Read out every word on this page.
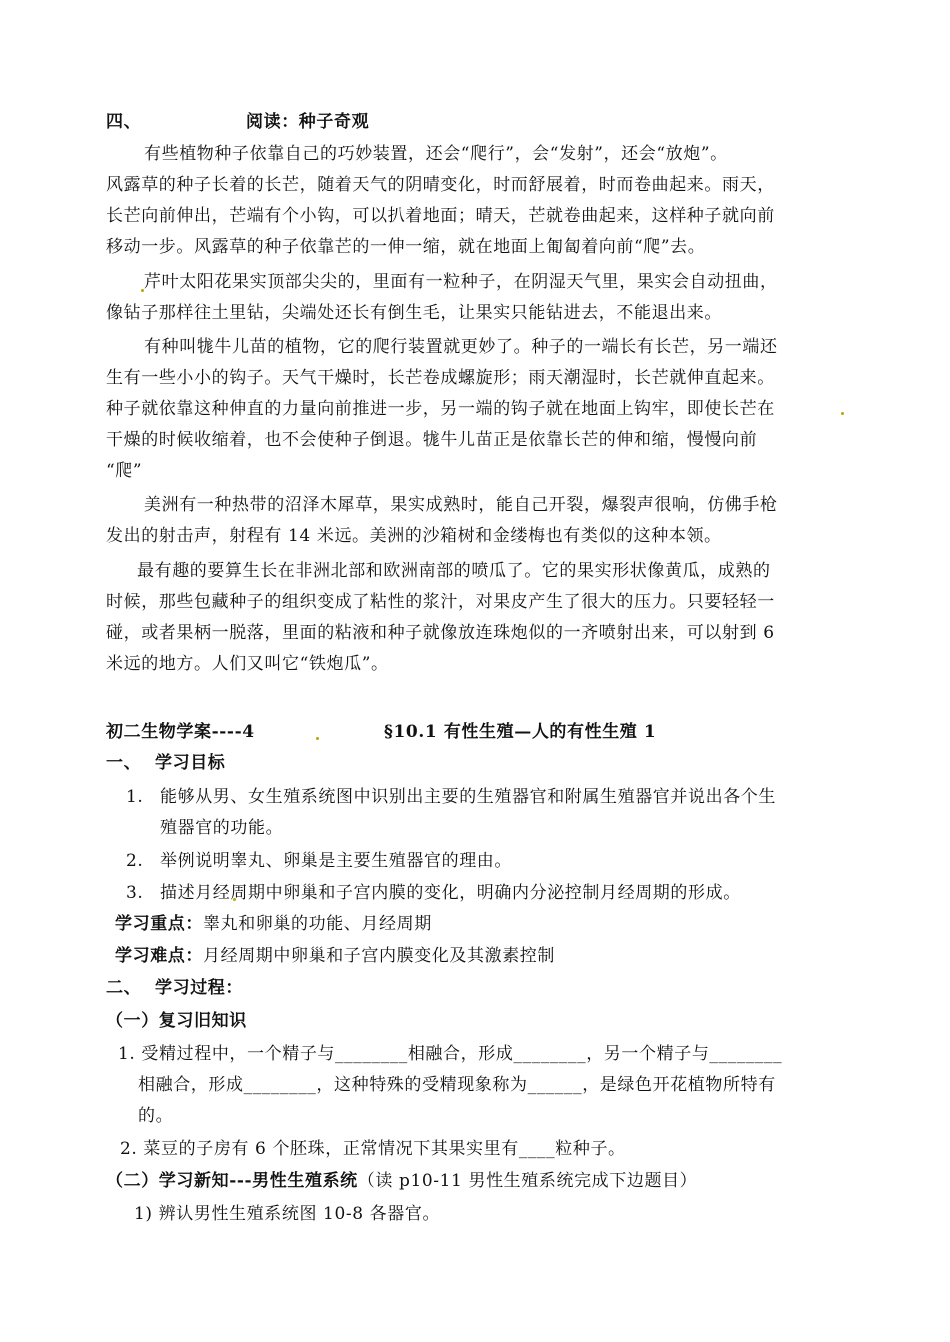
四、	阅读：种子奇观
有些植物种子依靠自己的巧妙装置，还会“爬行”，会“发射”，还会“放炮”。
风露草的种子长着的长芒，随着天气的阴晴变化，时而舒展着，时而卷曲起来。雨天，
长芒向前伸出，芒端有个小钩，可以扒着地面；晴天，芒就卷曲起来，这样种子就向前
移动一步。风露草的种子依靠芒的一伸一缩，就在地面上匍匐着向前“爬”去。
芹叶太阳花果实顶部尖尖的，里面有一粒种子，在阴湿天气里，果实会自动扭曲，
像钻子那样往土里钻，尖端处还长有倒生毛，让果实只能钻进去，不能退出来。
有种叫牻牛儿苗的植物，它的爬行装置就更妙了。种子的一端长有长芒，另一端还
生有一些小小的钩子。天气干燥时，长芒卷成螺旋形；雨天潮湿时，长芒就伸直起来。
种子就依靠这种伸直的力量向前推进一步，另一端的钩子就在地面上钩牢，即使长芒在
干燥的时候收缩着，也不会使种子倒退。牻牛儿苗正是依靠长芒的伸和缩，慢慢向前
“爬”
美洲有一种热带的沼泽木犀草，果实成熟时，能自己开裂，爆裂声很响，仿佛手枪
发出的射击声，射程有 14 米远。美洲的沙箱树和金缕梅也有类似的这种本领。
最有趣的要算生长在非洲北部和欧洲南部的喷瓜了。它的果实形状像黄瓜，成熟的
时候，那些包藏种子的组织变成了粘性的浆汁，对果皮产生了很大的压力。只要轻轻一
碰，或者果柄一脱落，里面的粘液和种子就像放连珠炮似的一齐喷射出来，可以射到 6
米远的地方。人们又叫它“铁炮瓜”。
初二生物学案----4	§10.1 有性生殖—人的有性生殖 1
一、 学习目标
1. 能够从男、女生殖系统图中识别出主要的生殖器官和附属生殖器官并说出各个生
殖器官的功能。
2. 举例说明睾丸、卵巢是主要生殖器官的理由。
3. 描述月经周期中卵巢和子宫内膜的变化，明确内分泌控制月经周期的形成。
学习重点：睾丸和卵巢的功能、月经周期
学习难点：月经周期中卵巢和子宫内膜变化及其激素控制
二、 学习过程：
（一）复习旧知识
1. 受精过程中，一个精子与________相融合，形成________，另一个精子与________
相融合，形成________，这种特殊的受精现象称为______，是绿色开花植物所特有
的。
2. 菜豆的子房有 6 个胚珠，正常情况下其果实里有____粒种子。
（二）学习新知---男性生殖系统（读 p10-11 男性生殖系统完成下边题目）
1) 辨认男性生殖系统图 10-8 各器官。
